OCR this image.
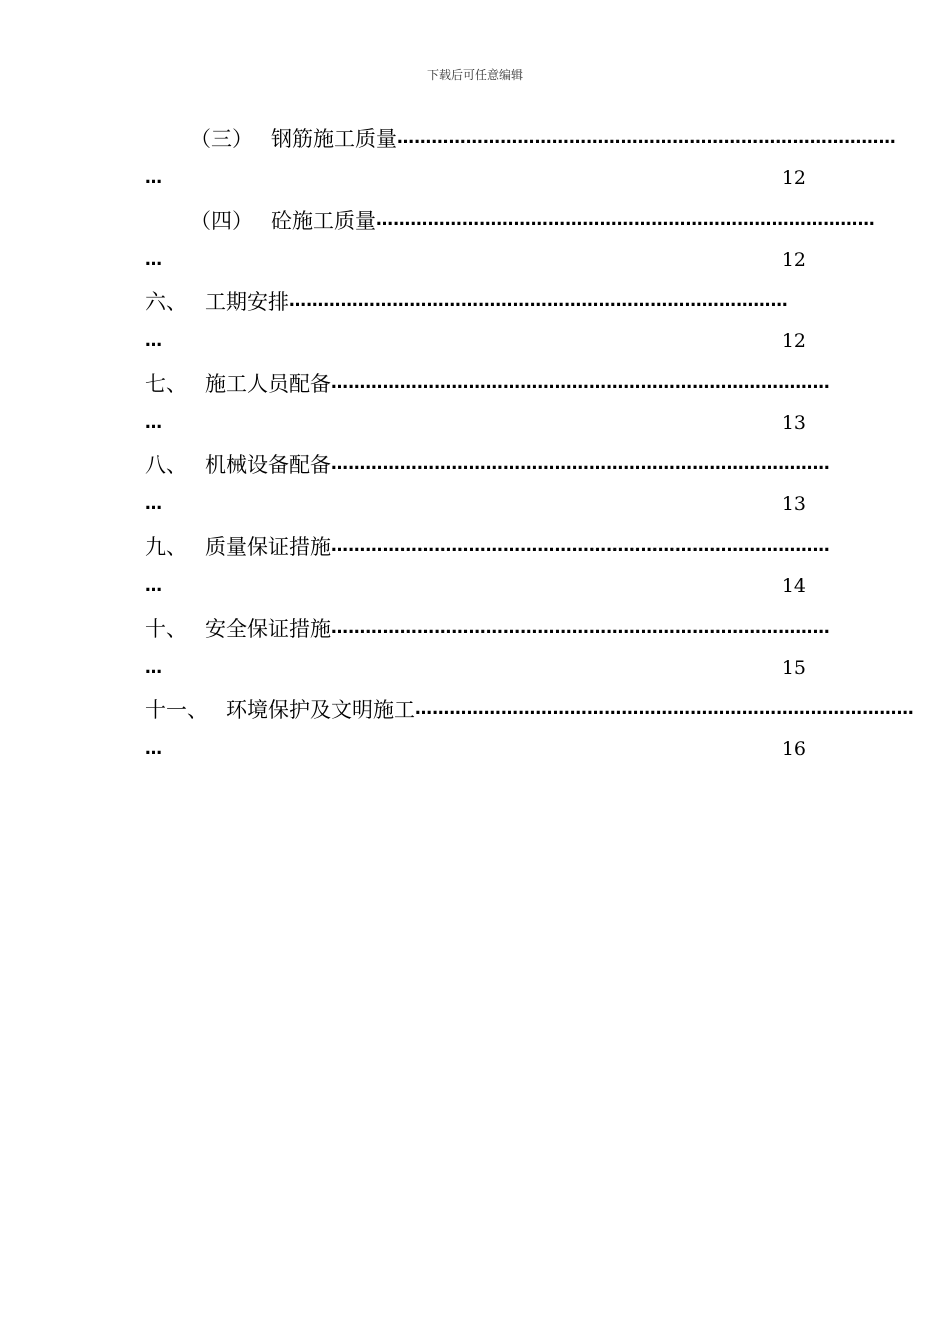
下载后可任意编辑
（三） 钢筋施工质量 ……………………………………………………………………………
…	12
（四） 砼施工质量 ……………………………………………………………………………
…	12
六、 工期安排 ……………………………………………………………………………
…	12
七、 施工人员配备 ……………………………………………………………………………
…	13
八、 机械设备配备 ……………………………………………………………………………
…	13
九、 质量保证措施 ……………………………………………………………………………
…	14
十、 安全保证措施 ……………………………………………………………………………
…	15
十一、 环境保护及文明施工 ……………………………………………………………………………
…	16
